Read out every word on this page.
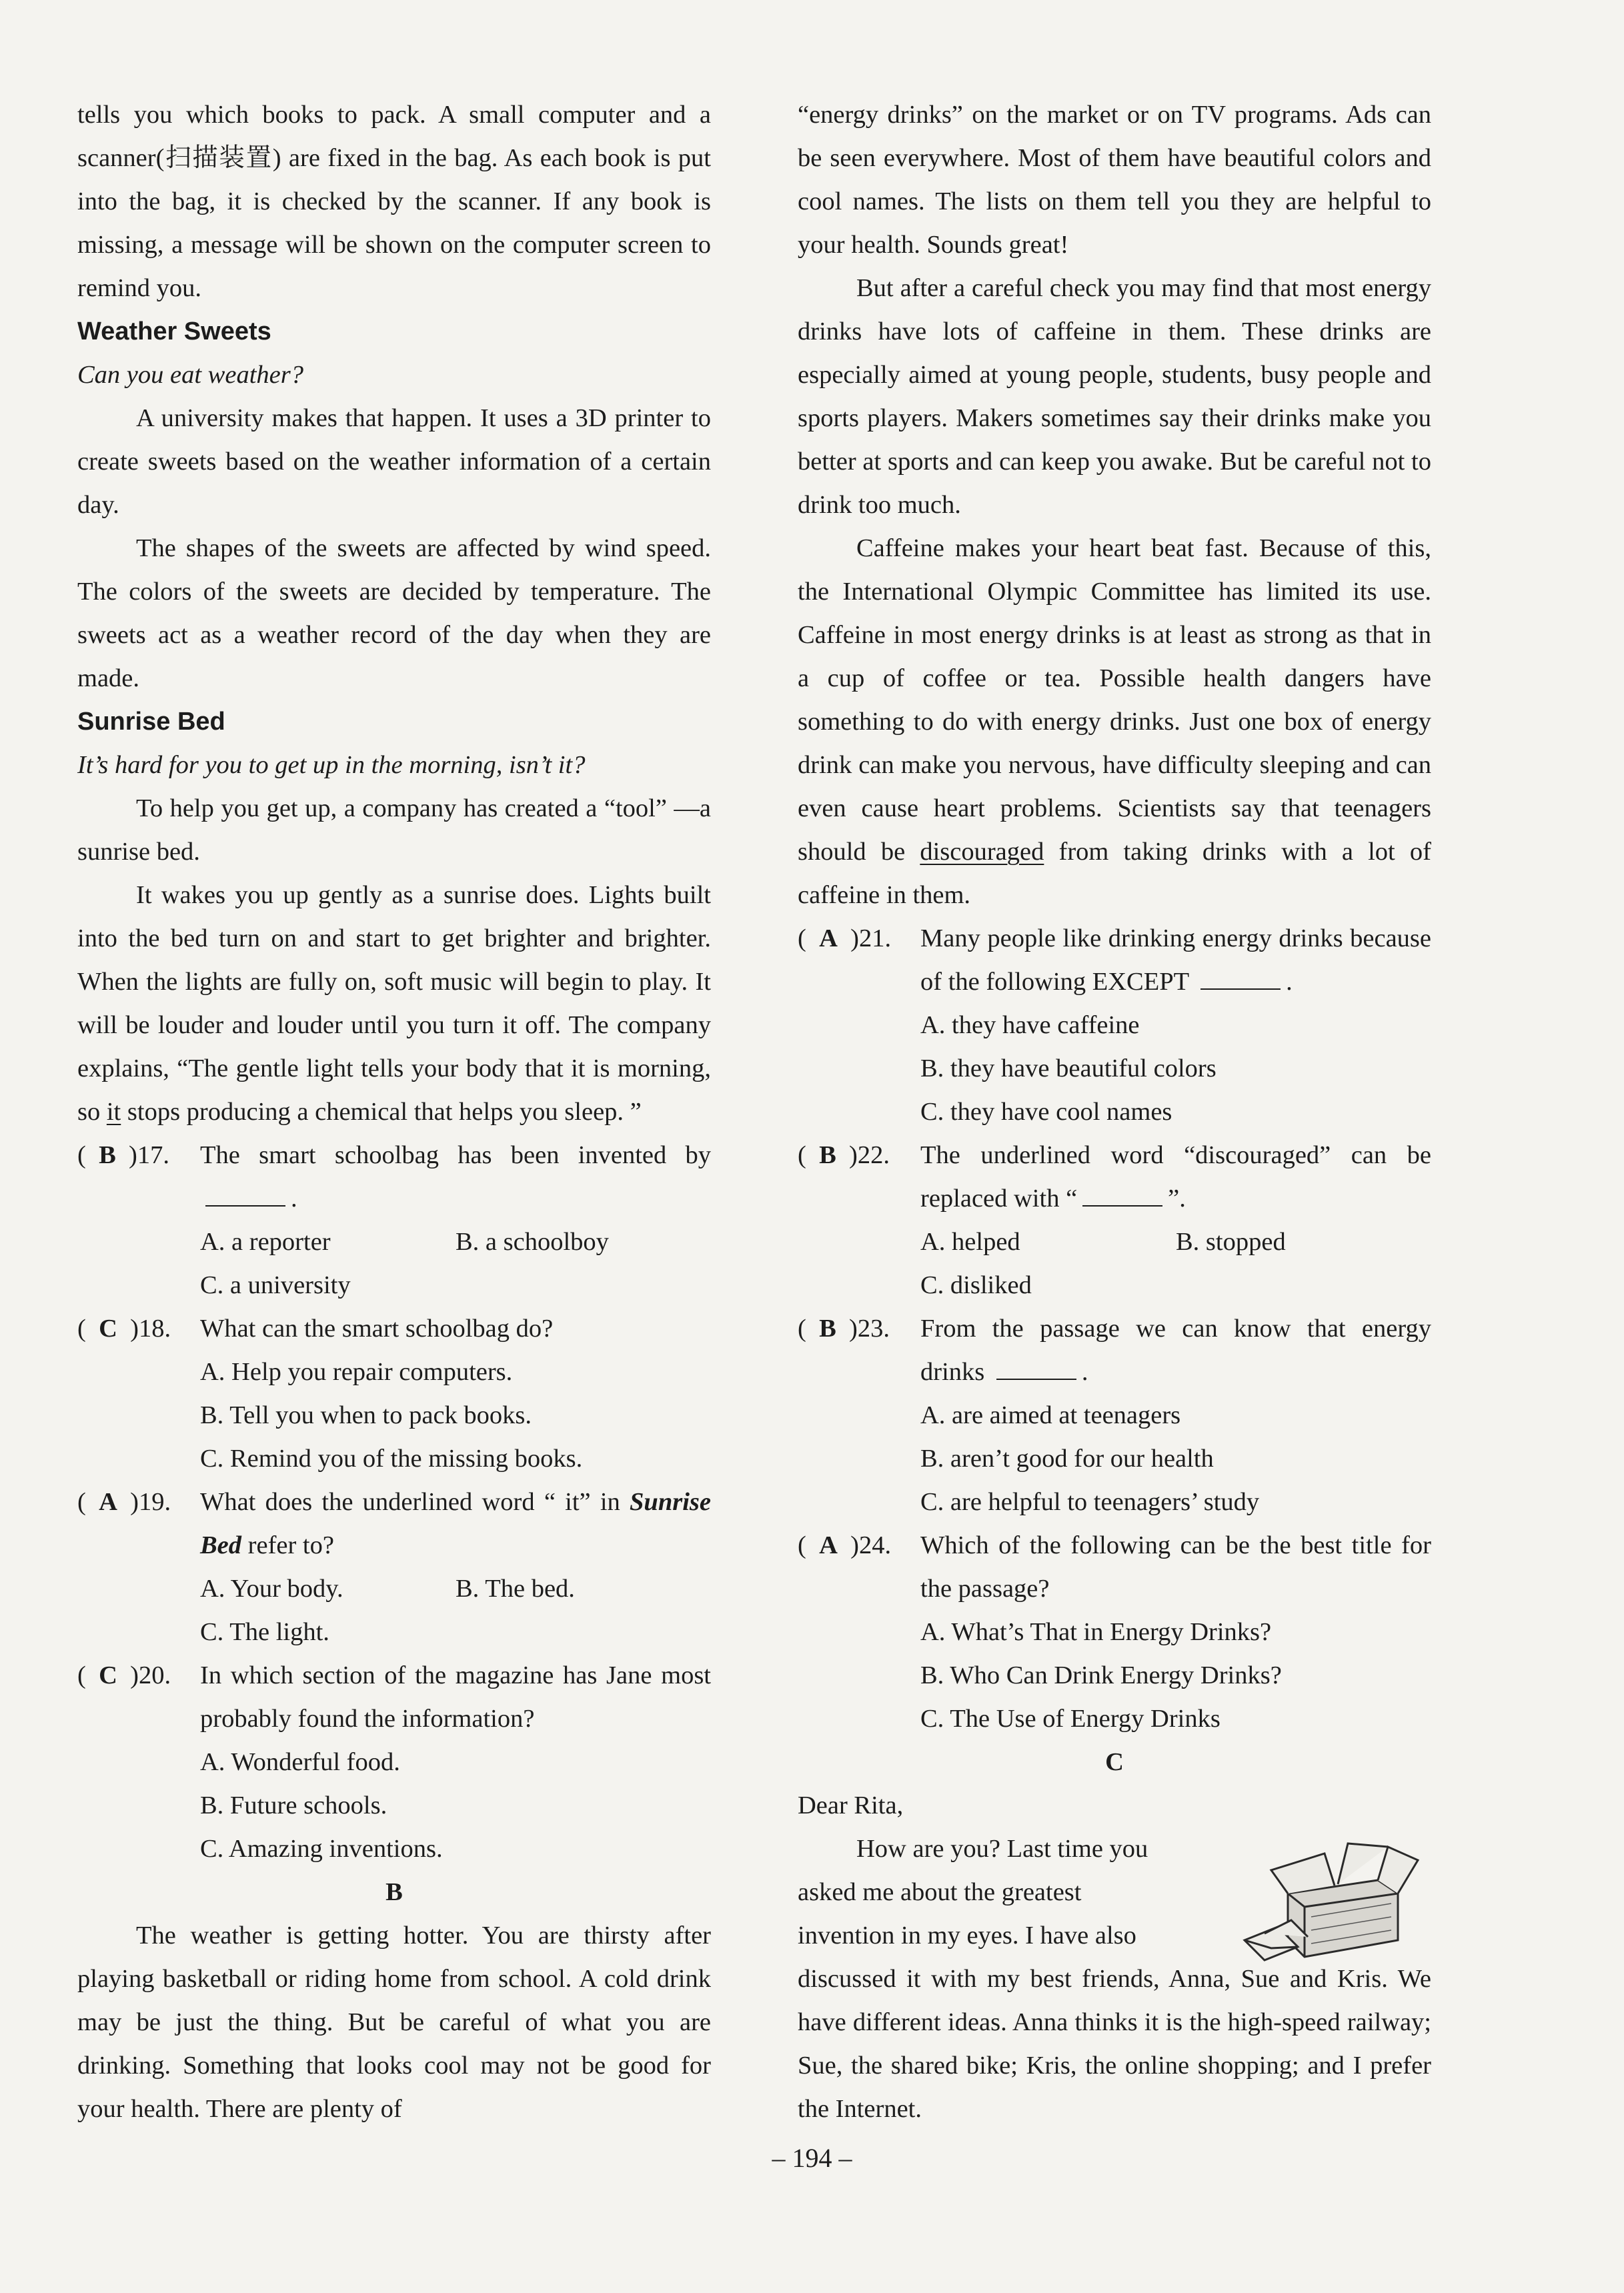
tells you which books to pack. A small computer and a scanner(扫描装置) are fixed in the bag. As each book is put into the bag, it is checked by the scanner. If any book is missing, a message will be shown on the computer screen to remind you.

Weather Sweets

Can you eat weather?

A university makes that happen. It uses a 3D printer to create sweets based on the weather information of a certain day.

The shapes of the sweets are affected by wind speed. The colors of the sweets are decided by temperature. The sweets act as a weather record of the day when they are made.

Sunrise Bed

It’s hard for you to get up in the morning, isn’t it?

To help you get up, a company has created a “tool” —a sunrise bed.

It wakes you up gently as a sunrise does. Lights built into the bed turn on and start to get brighter and brighter. When the lights are fully on, soft music will begin to play. It will be louder and louder until you turn it off. The company explains, “The gentle light tells your body that it is morning, so it stops producing a chemical that helps you sleep. ”

(  B  )17.	The smart schoolbag has been invented by .
A. a reporter	B. a schoolboy

C. a university

(  C  )18.	What can the smart schoolbag do?

A. Help you repair computers.

B. Tell you when to pack books.

C. Remind you of the missing books.

(  A  )19.	What does the underlined word “ it” in Sunrise Bed refer to?
A. Your body.	B. The bed.

C. The light.

(  C  )20.	In which section of the magazine has Jane most probably found the information?

A. Wonderful food.

B. Future schools.

C. Amazing inventions.

B

The weather is getting hotter. You are thirsty after playing basketball or riding home from school. A cold drink may be just the thing. But be careful of what you are drinking. Something that looks cool may not be good for your health. There are plenty of

“energy drinks” on the market or on TV programs. Ads can be seen everywhere. Most of them have beautiful colors and cool names. The lists on them tell you they are helpful to your health. Sounds great!

But after a careful check you may find that most energy drinks have lots of caffeine in them. These drinks are especially aimed at young people, students, busy people and sports players. Makers sometimes say their drinks make you better at sports and can keep you awake. But be careful not to drink too much.

Caffeine makes your heart beat fast. Because of this, the International Olympic Committee has limited its use. Caffeine in most energy drinks is at least as strong as that in a cup of coffee or tea. Possible health dangers have something to do with energy drinks. Just one box of energy drink can make you nervous, have difficulty sleeping and can even cause heart problems. Scientists say that teenagers should be discouraged from taking drinks with a lot of caffeine in them.

(  A  )21.	Many people like drinking energy drinks because of the following EXCEPT	.

A. they have caffeine

B. they have beautiful colors

C. they have cool names

(  B  )22.	The underlined word “discouraged” can be replaced with “	”.
A. helped	B. stopped

C. disliked

(  B  )23.	From the passage we can know that energy drinks	.

A. are aimed at teenagers

B. aren’t good for our health

C. are helpful to teenagers’ study

(  A  )24.	Which of the following can be the best title for the passage?

A. What’s That in Energy Drinks?

B. Who Can Drink Energy Drinks?

C. The Use of Energy Drinks

C

Dear Rita,

How are you? Last time you

asked me about the greatest

invention in my eyes. I have also

discussed it with my best friends, Anna, Sue and Kris. We have different ideas. Anna thinks it is the high-speed railway; Sue, the shared bike; Kris, the online shopping; and I prefer the Internet.

– 194 –
